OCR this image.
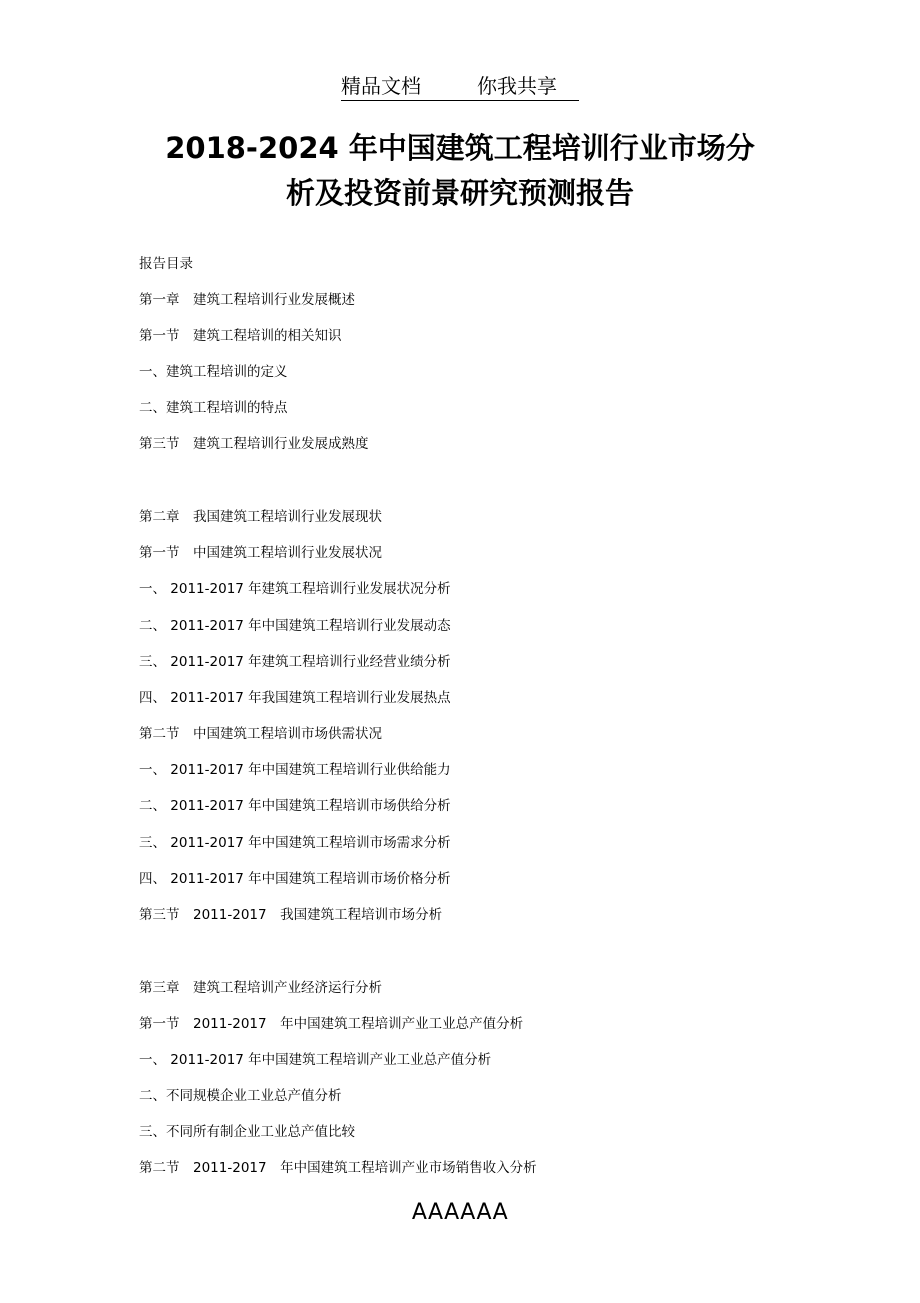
精品文档	你我共享
2018-2024 年中国建筑工程培训行业市场分
析及投资前景研究预测报告
报告目录
第一章　建筑工程培训行业发展概述
第一节　建筑工程培训的相关知识
一、建筑工程培训的定义
二、建筑工程培训的特点
第三节　建筑工程培训行业发展成熟度
第二章　我国建筑工程培训行业发展现状
第一节　中国建筑工程培训行业发展状况
一、 2011-2017 年建筑工程培训行业发展状况分析
二、 2011-2017 年中国建筑工程培训行业发展动态
三、 2011-2017 年建筑工程培训行业经营业绩分析
四、 2011-2017 年我国建筑工程培训行业发展热点
第二节　中国建筑工程培训市场供需状况
一、 2011-2017 年中国建筑工程培训行业供给能力
二、 2011-2017 年中国建筑工程培训市场供给分析
三、 2011-2017 年中国建筑工程培训市场需求分析
四、 2011-2017 年中国建筑工程培训市场价格分析
第三节　2011-2017　我国建筑工程培训市场分析
第三章　建筑工程培训产业经济运行分析
第一节　2011-2017　年中国建筑工程培训产业工业总产值分析
一、 2011-2017 年中国建筑工程培训产业工业总产值分析
二、不同规模企业工业总产值分析
三、不同所有制企业工业总产值比较
第二节　2011-2017　年中国建筑工程培训产业市场销售收入分析
AAAAAA
